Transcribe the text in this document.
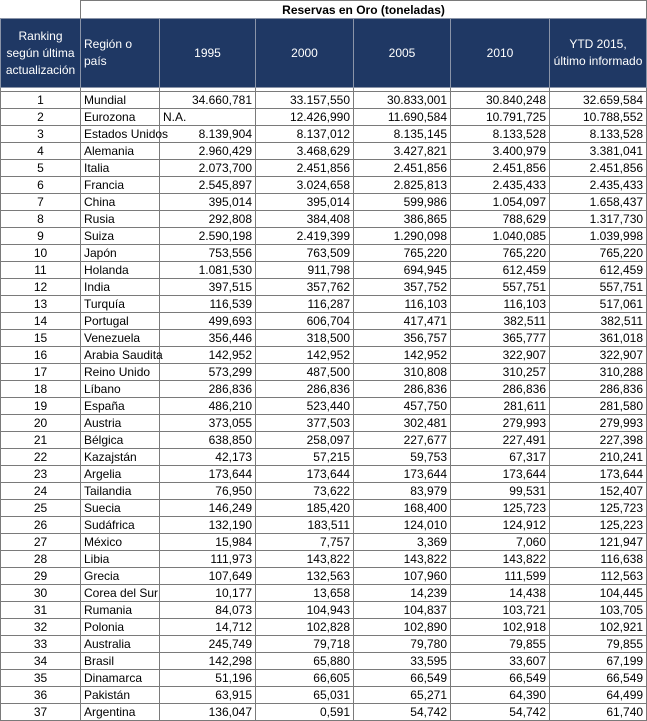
	Reservas en Oro (toneladas)					
Ranking según última actualización	Región o país	1995	2000	2005	2010	YTD 2015, último informado

1	Mundial	34.660,781	33.157,550	30.833,001	30.840,248	32.659,584
2	Eurozona	N.A.	12.426,990	11.690,584	10.791,725	10.788,552
3	Estados Unidos	8.139,904	8.137,012	8.135,145	8.133,528	8.133,528
4	Alemania	2.960,429	3.468,629	3.427,821	3.400,979	3.381,041
5	Italia	2.073,700	2.451,856	2.451,856	2.451,856	2.451,856
6	Francia	2.545,897	3.024,658	2.825,813	2.435,433	2.435,433
7	China	395,014	395,014	599,986	1.054,097	1.658,437
8	Rusia	292,808	384,408	386,865	788,629	1.317,730
9	Suiza	2.590,198	2.419,399	1.290,098	1.040,085	1.039,998
10	Japón	753,556	763,509	765,220	765,220	765,220
11	Holanda	1.081,530	911,798	694,945	612,459	612,459
12	India	397,515	357,762	357,752	557,751	557,751
13	Turquía	116,539	116,287	116,103	116,103	517,061
14	Portugal	499,693	606,704	417,471	382,511	382,511
15	Venezuela	356,446	318,500	356,757	365,777	361,018
16	Arabia Saudita	142,952	142,952	142,952	322,907	322,907
17	Reino Unido	573,299	487,500	310,808	310,257	310,288
18	Líbano	286,836	286,836	286,836	286,836	286,836
19	España	486,210	523,440	457,750	281,611	281,580
20	Austria	373,055	377,503	302,481	279,993	279,993
21	Bélgica	638,850	258,097	227,677	227,491	227,398
22	Kazajstán	42,173	57,215	59,753	67,317	210,241
23	Argelia	173,644	173,644	173,644	173,644	173,644
24	Tailandia	76,950	73,622	83,979	99,531	152,407
25	Suecia	146,249	185,420	168,400	125,723	125,723
26	Sudáfrica	132,190	183,511	124,010	124,912	125,223
27	México	15,984	7,757	3,369	7,060	121,947
28	Libia	111,973	143,822	143,822	143,822	116,638
29	Grecia	107,649	132,563	107,960	111,599	112,563
30	Corea del Sur	10,177	13,658	14,239	14,438	104,445
31	Rumania	84,073	104,943	104,837	103,721	103,705
32	Polonia	14,712	102,828	102,890	102,918	102,921
33	Australia	245,749	79,718	79,780	79,855	79,855
34	Brasil	142,298	65,880	33,595	33,607	67,199
35	Dinamarca	51,196	66,605	66,549	66,549	66,549
36	Pakistán	63,915	65,031	65,271	64,390	64,499
37	Argentina	136,047	0,591	54,742	54,742	61,740
